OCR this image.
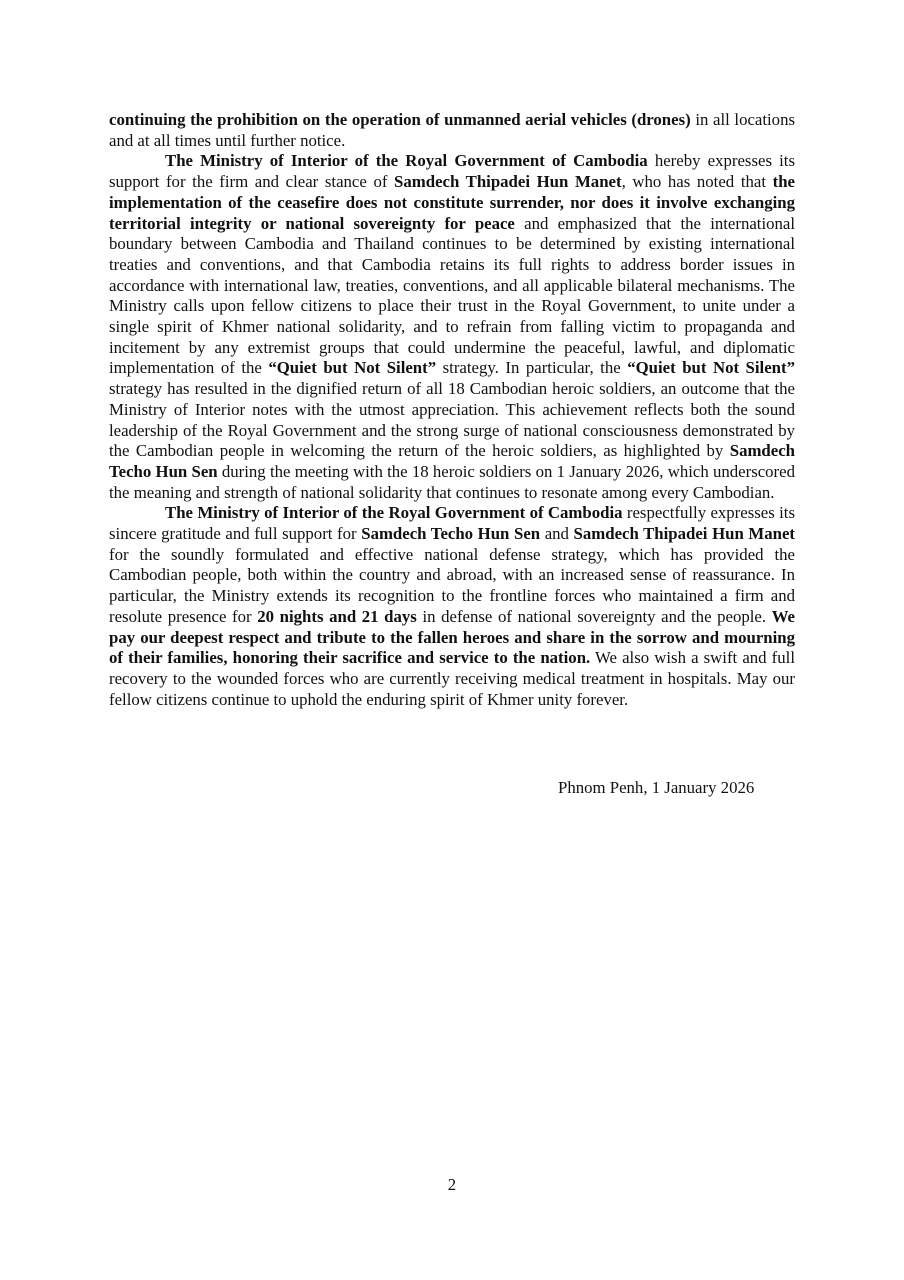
continuing the prohibition on the operation of unmanned aerial vehicles (drones) in all locations and at all times until further notice.

The Ministry of Interior of the Royal Government of Cambodia hereby expresses its support for the firm and clear stance of Samdech Thipadei Hun Manet, who has noted that the implementation of the ceasefire does not constitute surrender, nor does it involve exchanging territorial integrity or national sovereignty for peace and emphasized that the international boundary between Cambodia and Thailand continues to be determined by existing international treaties and conventions, and that Cambodia retains its full rights to address border issues in accordance with international law, treaties, conventions, and all applicable bilateral mechanisms. The Ministry calls upon fellow citizens to place their trust in the Royal Government, to unite under a single spirit of Khmer national solidarity, and to refrain from falling victim to propaganda and incitement by any extremist groups that could undermine the peaceful, lawful, and diplomatic implementation of the “Quiet but Not Silent” strategy. In particular, the “Quiet but Not Silent” strategy has resulted in the dignified return of all 18 Cambodian heroic soldiers, an outcome that the Ministry of Interior notes with the utmost appreciation. This achievement reflects both the sound leadership of the Royal Government and the strong surge of national consciousness demonstrated by the Cambodian people in welcoming the return of the heroic soldiers, as highlighted by Samdech Techo Hun Sen during the meeting with the 18 heroic soldiers on 1 January 2026, which underscored the meaning and strength of national solidarity that continues to resonate among every Cambodian.

The Ministry of Interior of the Royal Government of Cambodia respectfully expresses its sincere gratitude and full support for Samdech Techo Hun Sen and Samdech Thipadei Hun Manet for the soundly formulated and effective national defense strategy, which has provided the Cambodian people, both within the country and abroad, with an increased sense of reassurance. In particular, the Ministry extends its recognition to the frontline forces who maintained a firm and resolute presence for 20 nights and 21 days in defense of national sovereignty and the people. We pay our deepest respect and tribute to the fallen heroes and share in the sorrow and mourning of their families, honoring their sacrifice and service to the nation. We also wish a swift and full recovery to the wounded forces who are currently receiving medical treatment in hospitals. May our fellow citizens continue to uphold the enduring spirit of Khmer unity forever.

Phnom Penh, 1 January 2026
2
